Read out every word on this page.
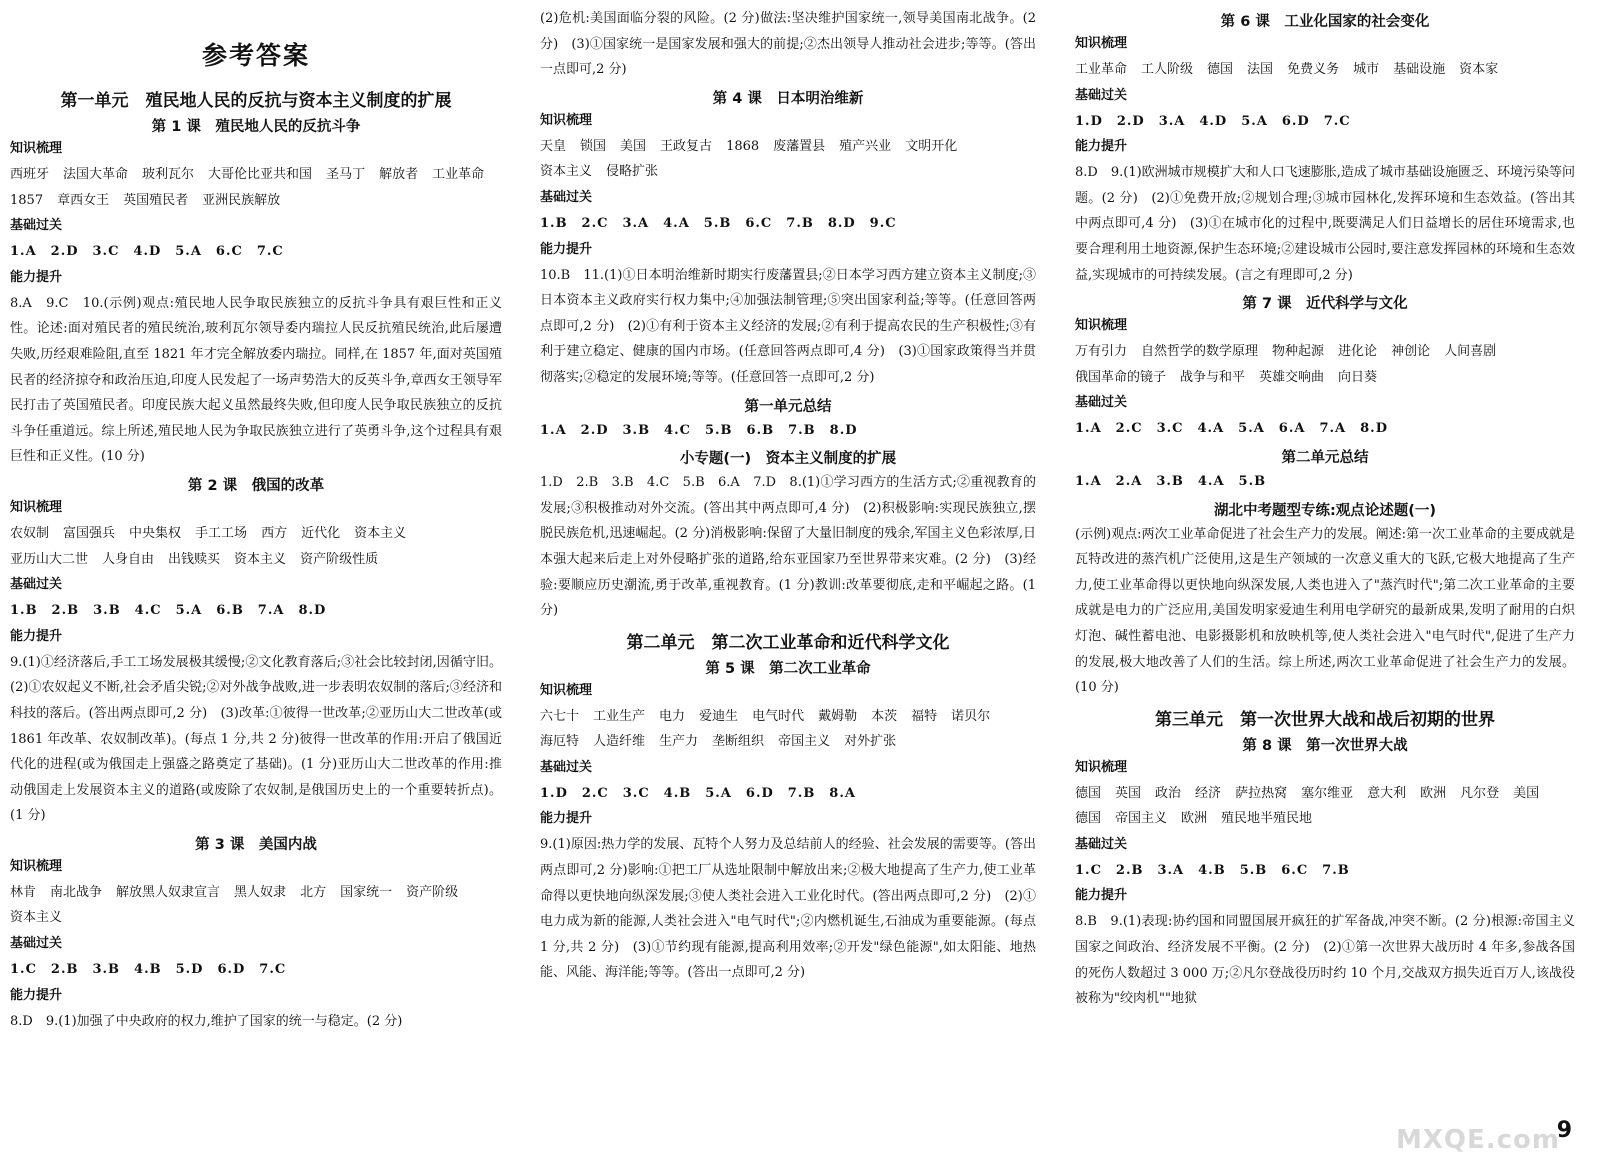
参考答案
第一单元　殖民地人民的反抗与资本主义制度的扩展
第 1 课　殖民地人民的反抗斗争
知识梳理
西班牙 法国大革命 玻利瓦尔 大哥伦比亚共和国 圣马丁 解放者 工业革命1857 章西女王 英国殖民者 亚洲民族解放
基础过关
1.A　2.D　3.C　4.D　5.A　6.C　7.C
能力提升

8.A　9.C　10.(示例)观点:殖民地人民争取民族独立的反抗斗争具有艰巨性和正义性。论述:面对殖民者的殖民统治,玻利瓦尔领导委内瑞拉人民反抗殖民统治,此后屡遭失败,历经艰难险阻,直至 1821 年才完全解放委内瑞拉。同样,在 1857 年,面对英国殖民者的经济掠夺和政治压迫,印度人民发起了一场声势浩大的反英斗争,章西女王领导军民打击了英国殖民者。印度民族大起义虽然最终失败,但印度人民争取民族独立的反抗斗争任重道远。综上所述,殖民地人民为争取民族独立进行了英勇斗争,这个过程具有艰巨性和正义性。(10 分)

第 2 课　俄国的改革
知识梳理
农奴制 富国强兵 中央集权 手工工场 西方 近代化 资本主义亚历山大二世 人身自由 出钱赎买 资本主义 资产阶级性质
基础过关
1.B　2.B　3.B　4.C　5.A　6.B　7.A　8.D
能力提升

9.(1)①经济落后,手工工场发展极其缓慢;②文化教育落后;③社会比较封闭,因循守旧。(2)①农奴起义不断,社会矛盾尖锐;②对外战争战败,进一步表明农奴制的落后;③经济和科技的落后。(答出两点即可,2 分)　(3)改革:①彼得一世改革;②亚历山大二世改革(或 1861 年改革、农奴制改革)。(每点 1 分,共 2 分)彼得一世改革的作用:开启了俄国近代化的进程(或为俄国走上强盛之路奠定了基础)。(1 分)亚历山大二世改革的作用:推动俄国走上发展资本主义的道路(或废除了农奴制,是俄国历史上的一个重要转折点)。(1 分)

第 3 课　美国内战
知识梳理
林肯 南北战争 解放黑人奴隶宣言 黑人奴隶 北方 国家统一 资产阶级资本主义
基础过关
1.C　2.B　3.B　4.B　5.D　6.D　7.C
能力提升

8.D　9.(1)加强了中央政府的权力,维护了国家的统一与稳定。(2 分)

(2)危机:美国面临分裂的风险。(2 分)做法:坚决维护国家统一,领导美国南北战争。(2 分)　(3)①国家统一是国家发展和强大的前提;②杰出领导人推动社会进步;等等。(答出一点即可,2 分)

第 4 课　日本明治维新
知识梳理
天皇 锁国 美国 王政复古 1868 废藩置县 殖产兴业 文明开化资本主义 侵略扩张
基础过关
1.B　2.C　3.A　4.A　5.B　6.C　7.B　8.D　9.C
能力提升

10.B　11.(1)①日本明治维新时期实行废藩置县;②日本学习西方建立资本主义制度;③日本资本主义政府实行权力集中;④加强法制管理;⑤突出国家利益;等等。(任意回答两点即可,2 分)　(2)①有利于资本主义经济的发展;②有利于提高农民的生产积极性;③有利于建立稳定、健康的国内市场。(任意回答两点即可,4 分)　(3)①国家政策得当并贯彻落实;②稳定的发展环境;等等。(任意回答一点即可,2 分)

第一单元总结
1.A　2.D　3.B　4.C　5.B　6.B　7.B　8.D
小专题(一)　资本主义制度的扩展

1.D　2.B　3.B　4.C　5.B　6.A　7.D　8.(1)①学习西方的生活方式;②重视教育的发展;③积极推动对外交流。(答出其中两点即可,4 分)　(2)积极影响:实现民族独立,摆脱民族危机,迅速崛起。(2 分)消极影响:保留了大量旧制度的残余,军国主义色彩浓厚,日本强大起来后走上对外侵略扩张的道路,给东亚国家乃至世界带来灾难。(2 分)　(3)经验:要顺应历史潮流,勇于改革,重视教育。(1 分)教训:改革要彻底,走和平崛起之路。(1 分)

第二单元　第二次工业革命和近代科学文化
第 5 课　第二次工业革命
知识梳理
六七十 工业生产 电力 爱迪生 电气时代 戴姆勒 本茨 福特 诺贝尔海厄特 人造纤维 生产力 垄断组织 帝国主义 对外扩张
基础过关
1.D　2.C　3.C　4.B　5.A　6.D　7.B　8.A
能力提升

9.(1)原因:热力学的发展、瓦特个人努力及总结前人的经验、社会发展的需要等。(答出两点即可,2 分)影响:①把工厂从选址限制中解放出来;②极大地提高了生产力,使工业革命得以更快地向纵深发展;③使人类社会进入工业化时代。(答出两点即可,2 分)　(2)①电力成为新的能源,人类社会进入"电气时代";②内燃机诞生,石油成为重要能源。(每点 1 分,共 2 分)　(3)①节约现有能源,提高利用效率;②开发"绿色能源",如太阳能、地热能、风能、海洋能;等等。(答出一点即可,2 分)

第 6 课　工业化国家的社会变化
知识梳理
工业革命 工人阶级 德国 法国 免费义务 城市 基础设施 资本家
基础过关
1.D　2.D　3.A　4.D　5.A　6.D　7.C
能力提升

8.D　9.(1)欧洲城市规模扩大和人口飞速膨胀,造成了城市基础设施匮乏、环境污染等问题。(2 分)　(2)①免费开放;②规划合理;③城市园林化,发挥环境和生态效益。(答出其中两点即可,4 分)　(3)①在城市化的过程中,既要满足人们日益增长的居住环境需求,也要合理利用土地资源,保护生态环境;②建设城市公园时,要注意发挥园林的环境和生态效益,实现城市的可持续发展。(言之有理即可,2 分)

第 7 课　近代科学与文化
知识梳理
万有引力 自然哲学的数学原理 物种起源 进化论 神创论 人间喜剧俄国革命的镜子 战争与和平 英雄交响曲 向日葵
基础过关
1.A　2.C　3.C　4.A　5.A　6.A　7.A　8.D
第二单元总结
1.A　2.A　3.B　4.A　5.B
湖北中考题型专练:观点论述题(一)

(示例)观点:两次工业革命促进了社会生产力的发展。阐述:第一次工业革命的主要成就是瓦特改进的蒸汽机广泛使用,这是生产领域的一次意义重大的飞跃,它极大地提高了生产力,使工业革命得以更快地向纵深发展,人类也进入了"蒸汽时代";第二次工业革命的主要成就是电力的广泛应用,美国发明家爱迪生利用电学研究的最新成果,发明了耐用的白炽灯泡、碱性蓄电池、电影摄影机和放映机等,使人类社会进入"电气时代",促进了生产力的发展,极大地改善了人们的生活。综上所述,两次工业革命促进了社会生产力的发展。(10 分)

第三单元　第一次世界大战和战后初期的世界
第 8 课　第一次世界大战
知识梳理
德国 英国 政治 经济 萨拉热窝 塞尔维亚 意大利 欧洲 凡尔登 美国德国 帝国主义 欧洲 殖民地半殖民地
基础过关
1.C　2.B　3.A　4.B　5.B　6.C　7.B
能力提升

8.B　9.(1)表现:协约国和同盟国展开疯狂的扩军备战,冲突不断。(2 分)根源:帝国主义国家之间政治、经济发展不平衡。(2 分)　(2)①第一次世界大战历时 4 年多,参战各国的死伤人数超过 3 000 万;②凡尔登战役历时约 10 个月,交战双方损失近百万人,该战役被称为"绞肉机""地狱

MXQE.com
9
